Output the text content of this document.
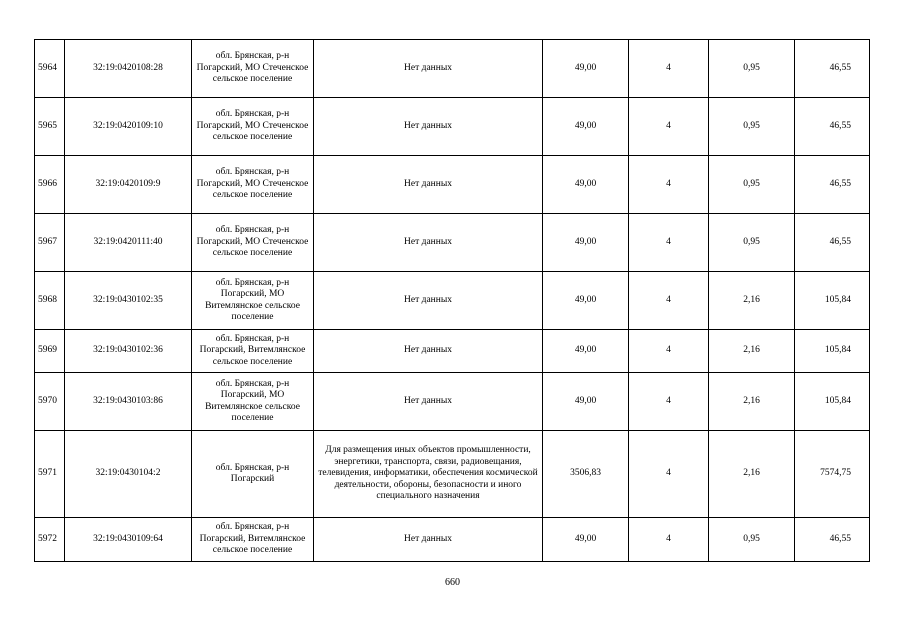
5964	32:19:0420108:28	обл. Брянская, р-н Погарский, МО Стеченское сельское поселение	Нет данных	49,00	4	0,95	46,55
5965	32:19:0420109:10	обл. Брянская, р-н Погарский, МО Стеченское сельское поселение	Нет данных	49,00	4	0,95	46,55
5966	32:19:0420109:9	обл. Брянская, р-н Погарский, МО Стеченское сельское поселение	Нет данных	49,00	4	0,95	46,55
5967	32:19:0420111:40	обл. Брянская, р-н Погарский, МО Стеченское сельское поселение	Нет данных	49,00	4	0,95	46,55
5968	32:19:0430102:35	обл. Брянская, р-н Погарский, МО Витемлянское сельское поселение	Нет данных	49,00	4	2,16	105,84
5969	32:19:0430102:36	обл. Брянская, р-н Погарский, Витемлянское сельское поселение	Нет данных	49,00	4	2,16	105,84
5970	32:19:0430103:86	обл. Брянская, р-н Погарский, МО Витемлянское сельское поселение	Нет данных	49,00	4	2,16	105,84
5971	32:19:0430104:2	обл. Брянская, р-н Погарский	Для размещения иных объектов промышленности, энергетики, транспорта, связи, радиовещания, телевидения, информатики, обеспечения космической деятельности, обороны, безопасности и иного специального назначения	3506,83	4	2,16	7574,75
5972	32:19:0430109:64	обл. Брянская, р-н Погарский, Витемлянское сельское поселение	Нет данных	49,00	4	0,95	46,55
660
